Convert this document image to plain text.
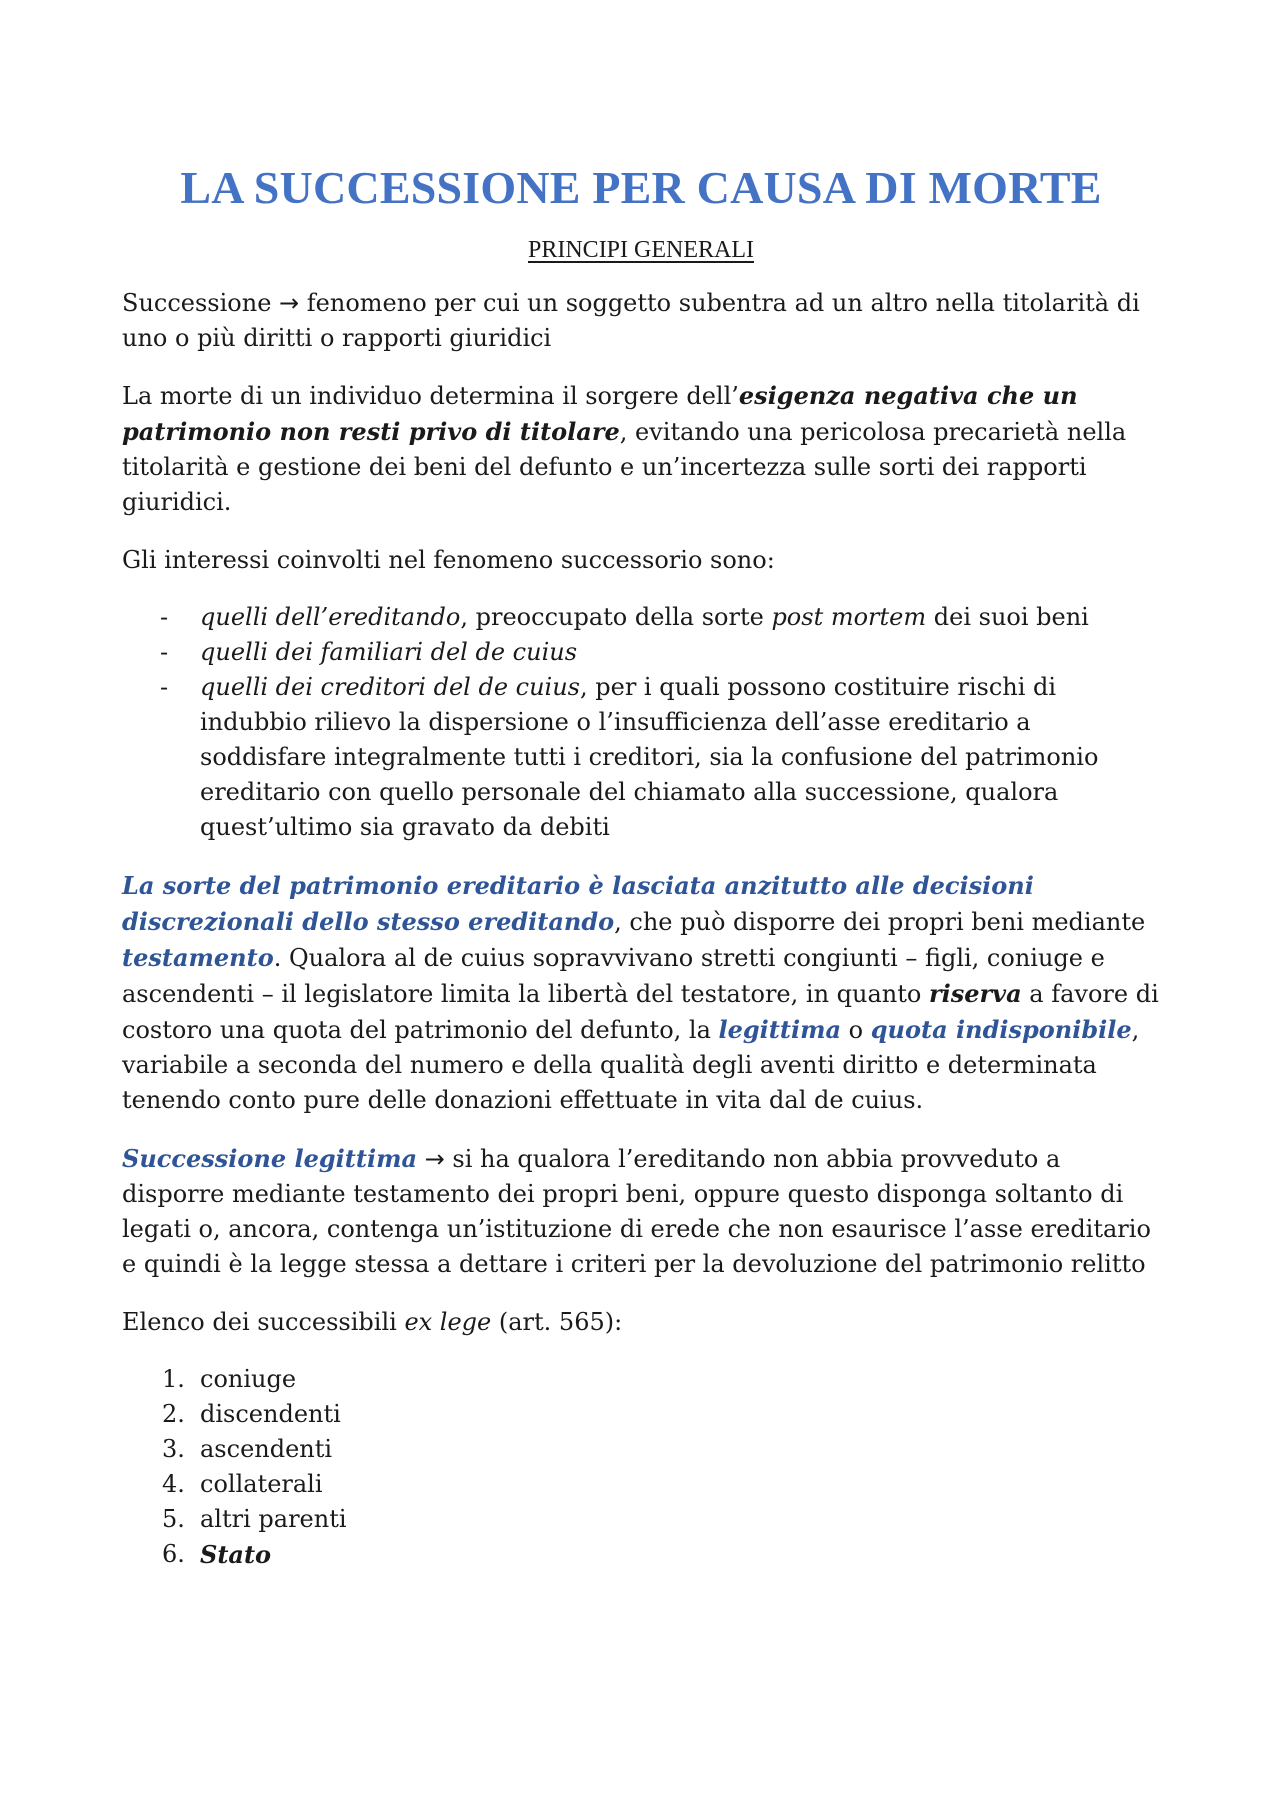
LA SUCCESSIONE PER CAUSA DI MORTE
PRINCIPI GENERALI

Successione → fenomeno per cui un soggetto subentra ad un altro nella titolarità di uno o più diritti o rapporti giuridici

La morte di un individuo determina il sorgere dell’esigenza negativa che un patrimonio non resti privo di titolare, evitando una pericolosa precarietà nella titolarità e gestione dei beni del defunto e un’incertezza sulle sorti dei rapporti giuridici.

Gli interessi coinvolti nel fenomeno successorio sono:

- quelli dell’ereditando, preoccupato della sorte post mortem dei suoi beni
- quelli dei familiari del de cuius
- quelli dei creditori del de cuius, per i quali possono costituire rischi di indubbio rilievo la dispersione o l’insufficienza dell’asse ereditario a soddisfare integralmente tutti i creditori, sia la confusione del patrimonio ereditario con quello personale del chiamato alla successione, qualora quest’ultimo sia gravato da debiti

La sorte del patrimonio ereditario è lasciata anzitutto alle decisioni discrezionali dello stesso ereditando, che può disporre dei propri beni mediante testamento. Qualora al de cuius sopravvivano stretti congiunti – figli, coniuge e ascendenti – il legislatore limita la libertà del testatore, in quanto riserva a favore di costoro una quota del patrimonio del defunto, la legittima o quota indisponibile, variabile a seconda del numero e della qualità degli aventi diritto e determinata tenendo conto pure delle donazioni effettuate in vita dal de cuius.

Successione legittima → si ha qualora l’ereditando non abbia provveduto a disporre mediante testamento dei propri beni, oppure questo disponga soltanto di legati o, ancora, contenga un’istituzione di erede che non esaurisce l’asse ereditario e quindi è la legge stessa a dettare i criteri per la devoluzione del patrimonio relitto

Elenco dei successibili ex lege (art. 565):

1. coniuge
2. discendenti
3. ascendenti
4. collaterali
5. altri parenti
6. Stato
